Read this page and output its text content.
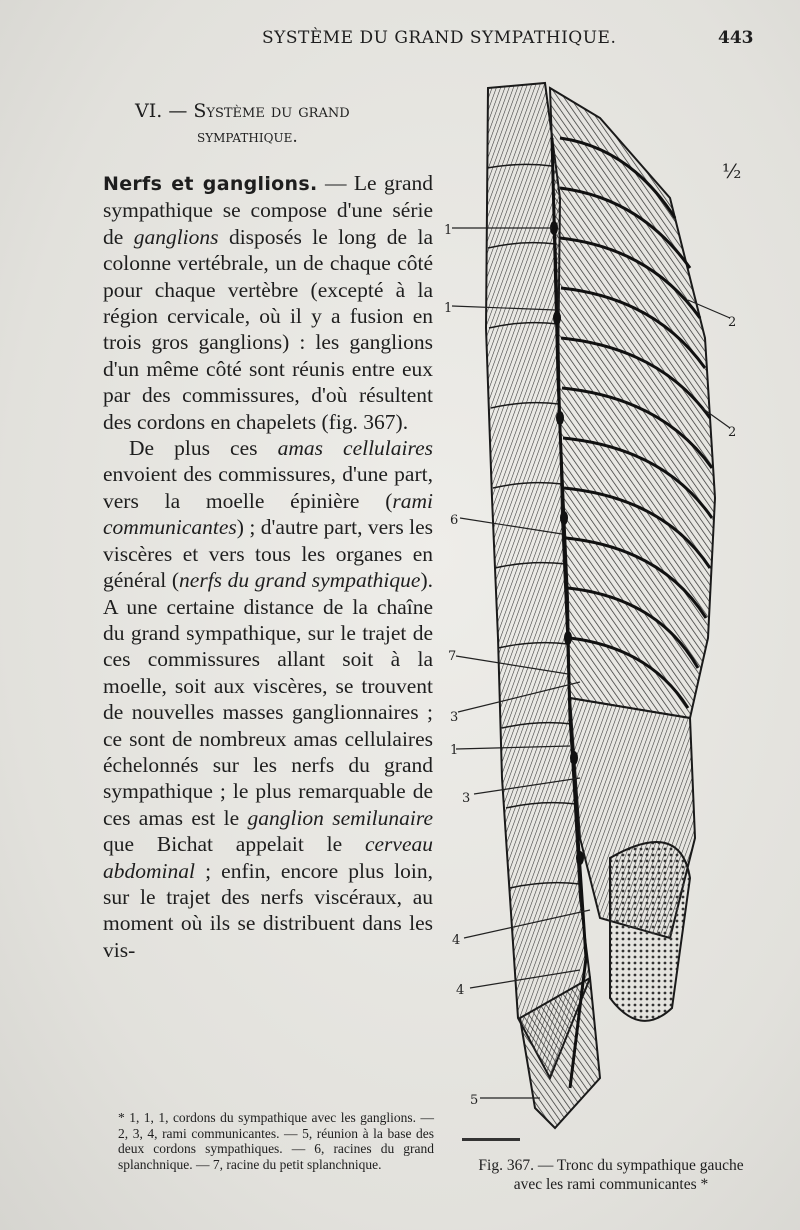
SYSTÈME DU GRAND SYMPATHIQUE.	443
VI. — Système du grand
sympathique.

Nerfs et ganglions. — Le grand sympathique se compose d'une série de ganglions disposés le long de la colonne vertébrale, un de chaque côté pour chaque vertèbre (excepté à la région cervicale, où il y a fusion en trois gros ganglions) : les ganglions d'un même côté sont réunis entre eux par des commissures, d'où résultent des cordons en chapelets (fig. 367).

De plus ces amas cellulaires envoient des commissures, d'une part, vers la moelle épinière (rami communicantes) ; d'autre part, vers les viscères et vers tous les organes en général (nerfs du grand sympathique). A une certaine distance de la chaîne du grand sympathique, sur le trajet de ces commissures allant soit à la moelle, soit aux viscères, se trouvent de nouvelles masses ganglionnaires ; ce sont de nombreux amas cellulaires échelonnés sur les nerfs du grand sympathique ; le plus remarquable de ces amas est le ganglion semilunaire que Bichat appelait le cerveau abdominal ; enfin, encore plus loin, sur le trajet des nerfs viscéraux, au moment où ils se distribuent dans les vis-

* 1, 1, 1, cordons du sympathique avec les ganglions. — 2, 3, 4, rami communicantes. — 5, réunion à la base des deux cordons sympathiques. — 6, racines du grand splanchnique. — 7, racine du petit splanchnique.
½
1
1
2
2
6
7
3
1
3
4
4
5
Fig. 367. — Tronc du sympathique gauche
avec les rami communicantes *
